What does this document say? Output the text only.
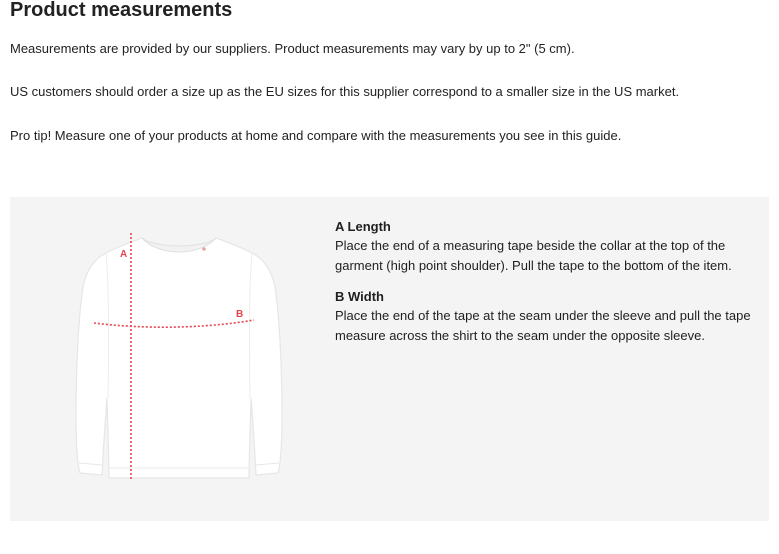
Product measurements

Measurements are provided by our suppliers. Product measurements may vary by up to 2" (5 cm).

US customers should order a size up as the EU sizes for this supplier correspond to a smaller size in the US market.

Pro tip! Measure one of your products at home and compare with the measurements you see in this guide.

A
B

A Length

Place the end of a measuring tape beside the collar at the top of the garment (high point shoulder). Pull the tape to the bottom of the item.

B Width

Place the end of the tape at the seam under the sleeve and pull the tape measure across the shirt to the seam under the opposite sleeve.
